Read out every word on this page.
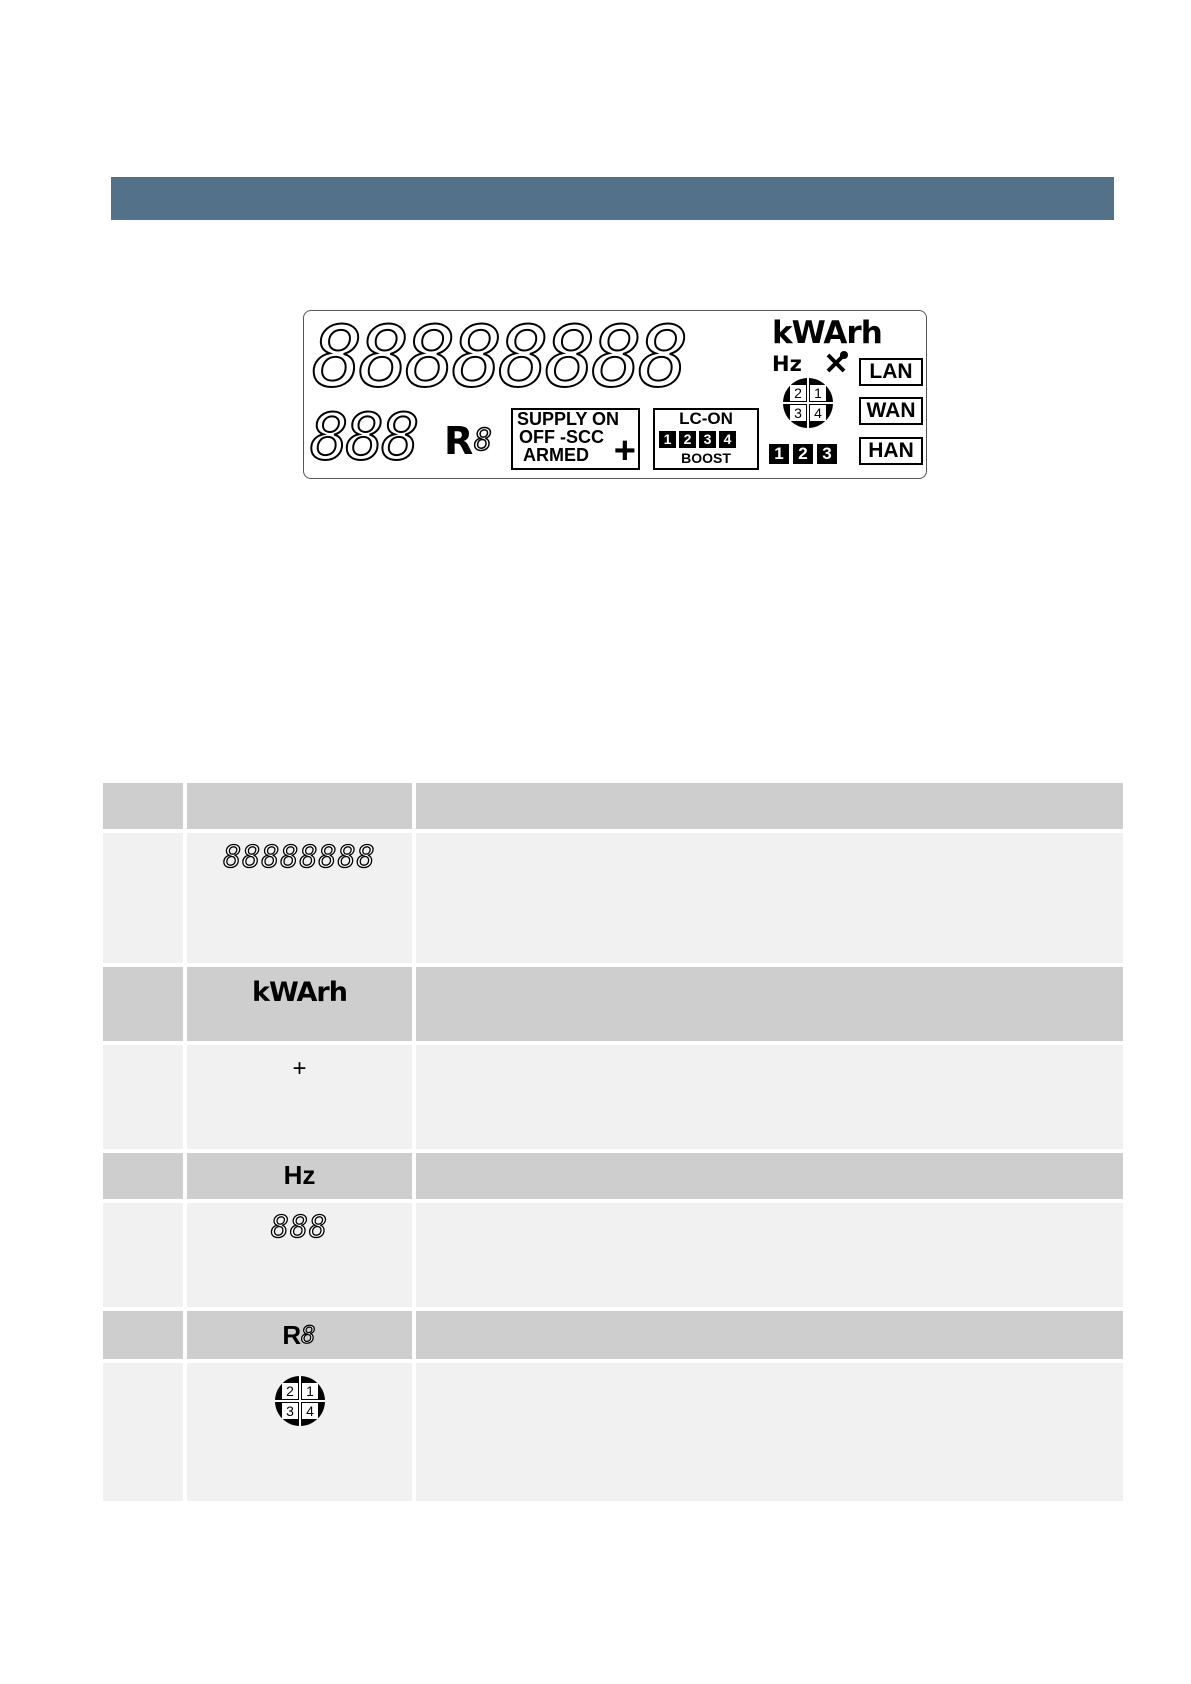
88888888	kWArh
Hz	LAN
WAN
HAN
888 R 8
SUPPLY ON
OFF -SCC
ARMED +
LC-ON
1 2 3 4
BOOST
2 1
3 4
1 2 3
88888888
kWArh
+
Hz
888
R 8
2 1
3 4
